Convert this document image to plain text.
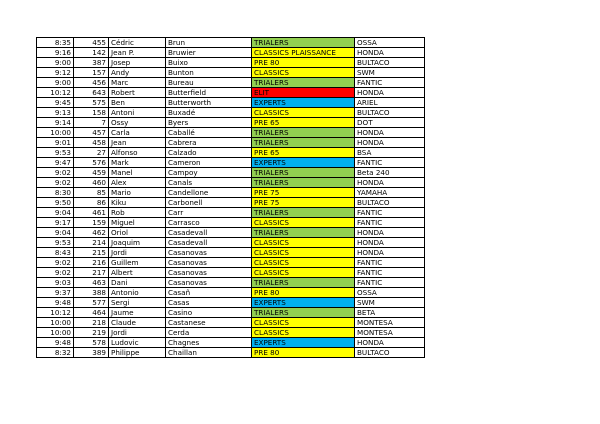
8:35	455	Cédric	Brun	TRIALERS	OSSA
9:16	142	Jean P.	Bruwier	CLASSICS PLAISSANCE	HONDA
9:00	387	Josep	Buixo	PRE 80	BULTACO
9:12	157	Andy	Bunton	CLASSICS	SWM
9:00	456	Marc	Bureau	TRIALERS	FANTIC
10:12	643	Robert	Butterfield	ELIT	HONDA
9:45	575	Ben	Butterworth	EXPERTS	ARIEL
9:13	158	Antoni	Buxadé	CLASSICS	BULTACO
9:14	7	Ossy	Byers	PRE 65	DOT
10:00	457	Carla	Caballé	TRIALERS	HONDA
9:01	458	Jean	Cabrera	TRIALERS	HONDA
9:53	27	Alfonso	Calzado	PRE 65	BSA
9:47	576	Mark	Cameron	EXPERTS	FANTIC
9:02	459	Manel	Campoy	TRIALERS	Beta 240
9:02	460	Alex	Canals	TRIALERS	HONDA
8:30	85	Mario	Candellone	PRE 75	YAMAHA
9:50	86	Kiku	Carbonell	PRE 75	BULTACO
9:04	461	Rob	Carr	TRIALERS	FANTIC
9:17	159	Miguel	Carrasco	CLASSICS	FANTIC
9:04	462	Oriol	Casadevall	TRIALERS	HONDA
9:53	214	Joaquim	Casadevall	CLASSICS	HONDA
8:43	215	Jordi	Casanovas	CLASSICS	HONDA
9:02	216	Guillem	Casanovas	CLASSICS	FANTIC
9:02	217	Albert	Casanovas	CLASSICS	FANTIC
9:03	463	Dani	Casanovas	TRIALERS	FANTIC
9:37	388	Antonio	Casañ	PRE 80	OSSA
9:48	577	Sergi	Casas	EXPERTS	SWM
10:12	464	Jaume	Casino	TRIALERS	BETA
10:00	218	Claude	Castanese	CLASSICS	MONTESA
10:00	219	Jordi	Cerda	CLASSICS	MONTESA
9:48	578	Ludovic	Chagnes	EXPERTS	HONDA
8:32	389	Philippe	Chaillan	PRE 80	BULTACO
